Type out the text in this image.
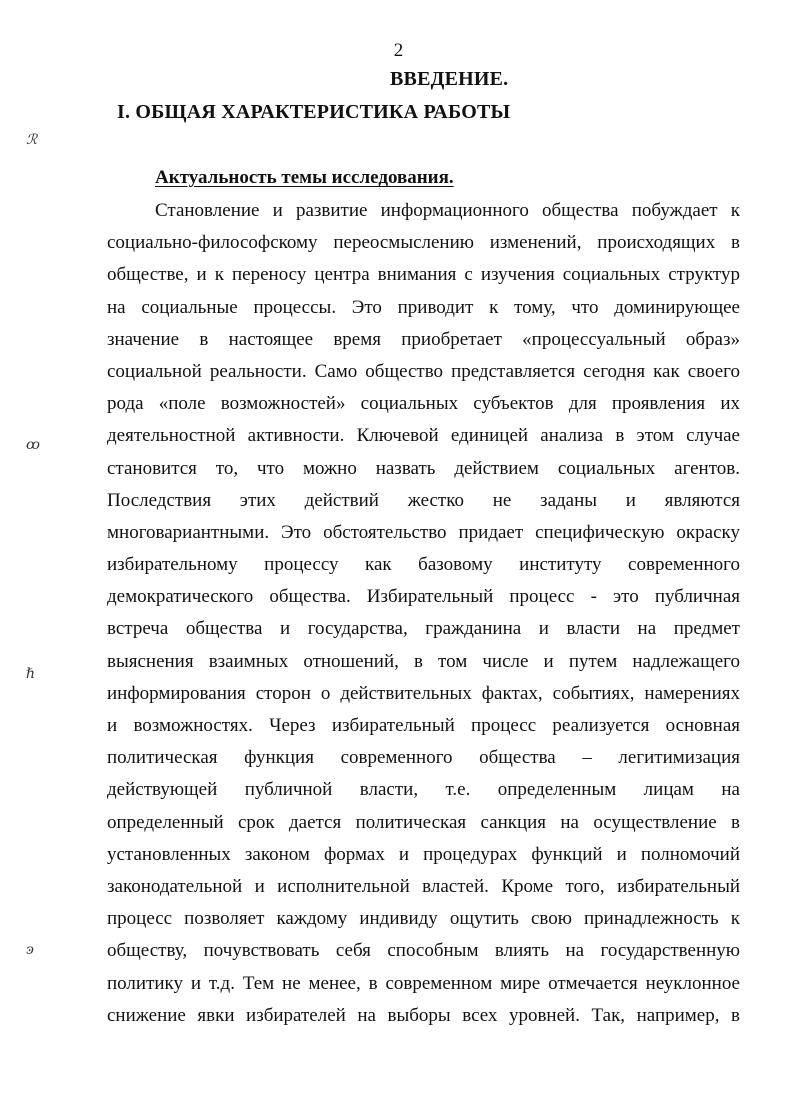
2
ВВЕДЕНИЕ.
I. ОБЩАЯ ХАРАКТЕРИСТИКА РАБОТЫ
ℛ
ꝏ
ℏ
ꜿ
Актуальность темы исследования.
Становление и развитие информационного общества побуждает к
социально-философскому переосмыслению изменений, происходящих в
обществе, и к переносу центра внимания с изучения социальных структур
на социальные процессы. Это приводит к тому, что доминирующее
значение в настоящее время приобретает «процессуальный образ»
социальной реальности. Само общество представляется сегодня как своего
рода «поле возможностей» социальных субъектов для проявления их
деятельностной активности. Ключевой единицей анализа в этом случае
становится то, что можно назвать действием социальных агентов.
Последствия этих действий жестко не заданы и являются
многовариантными. Это обстоятельство придает специфическую окраску
избирательному процессу как базовому институту современного
демократического общества. Избирательный процесс - это публичная
встреча общества и государства, гражданина и власти на предмет
выяснения взаимных отношений, в том числе и путем надлежащего
информирования сторон о действительных фактах, событиях, намерениях
и возможностях. Через избирательный процесс реализуется основная
политическая функция современного общества – легитимизация
действующей публичной власти, т.е. определенным лицам на
определенный срок дается политическая санкция на осуществление в
установленных законом формах и процедурах функций и полномочий
законодательной и исполнительной властей. Кроме того, избирательный
процесс позволяет каждому индивиду ощутить свою принадлежность к
обществу, почувствовать себя способным влиять на государственную
политику и т.д. Тем не менее, в современном мире отмечается неуклонное
снижение явки избирателей на выборы всех уровней. Так, например, в
